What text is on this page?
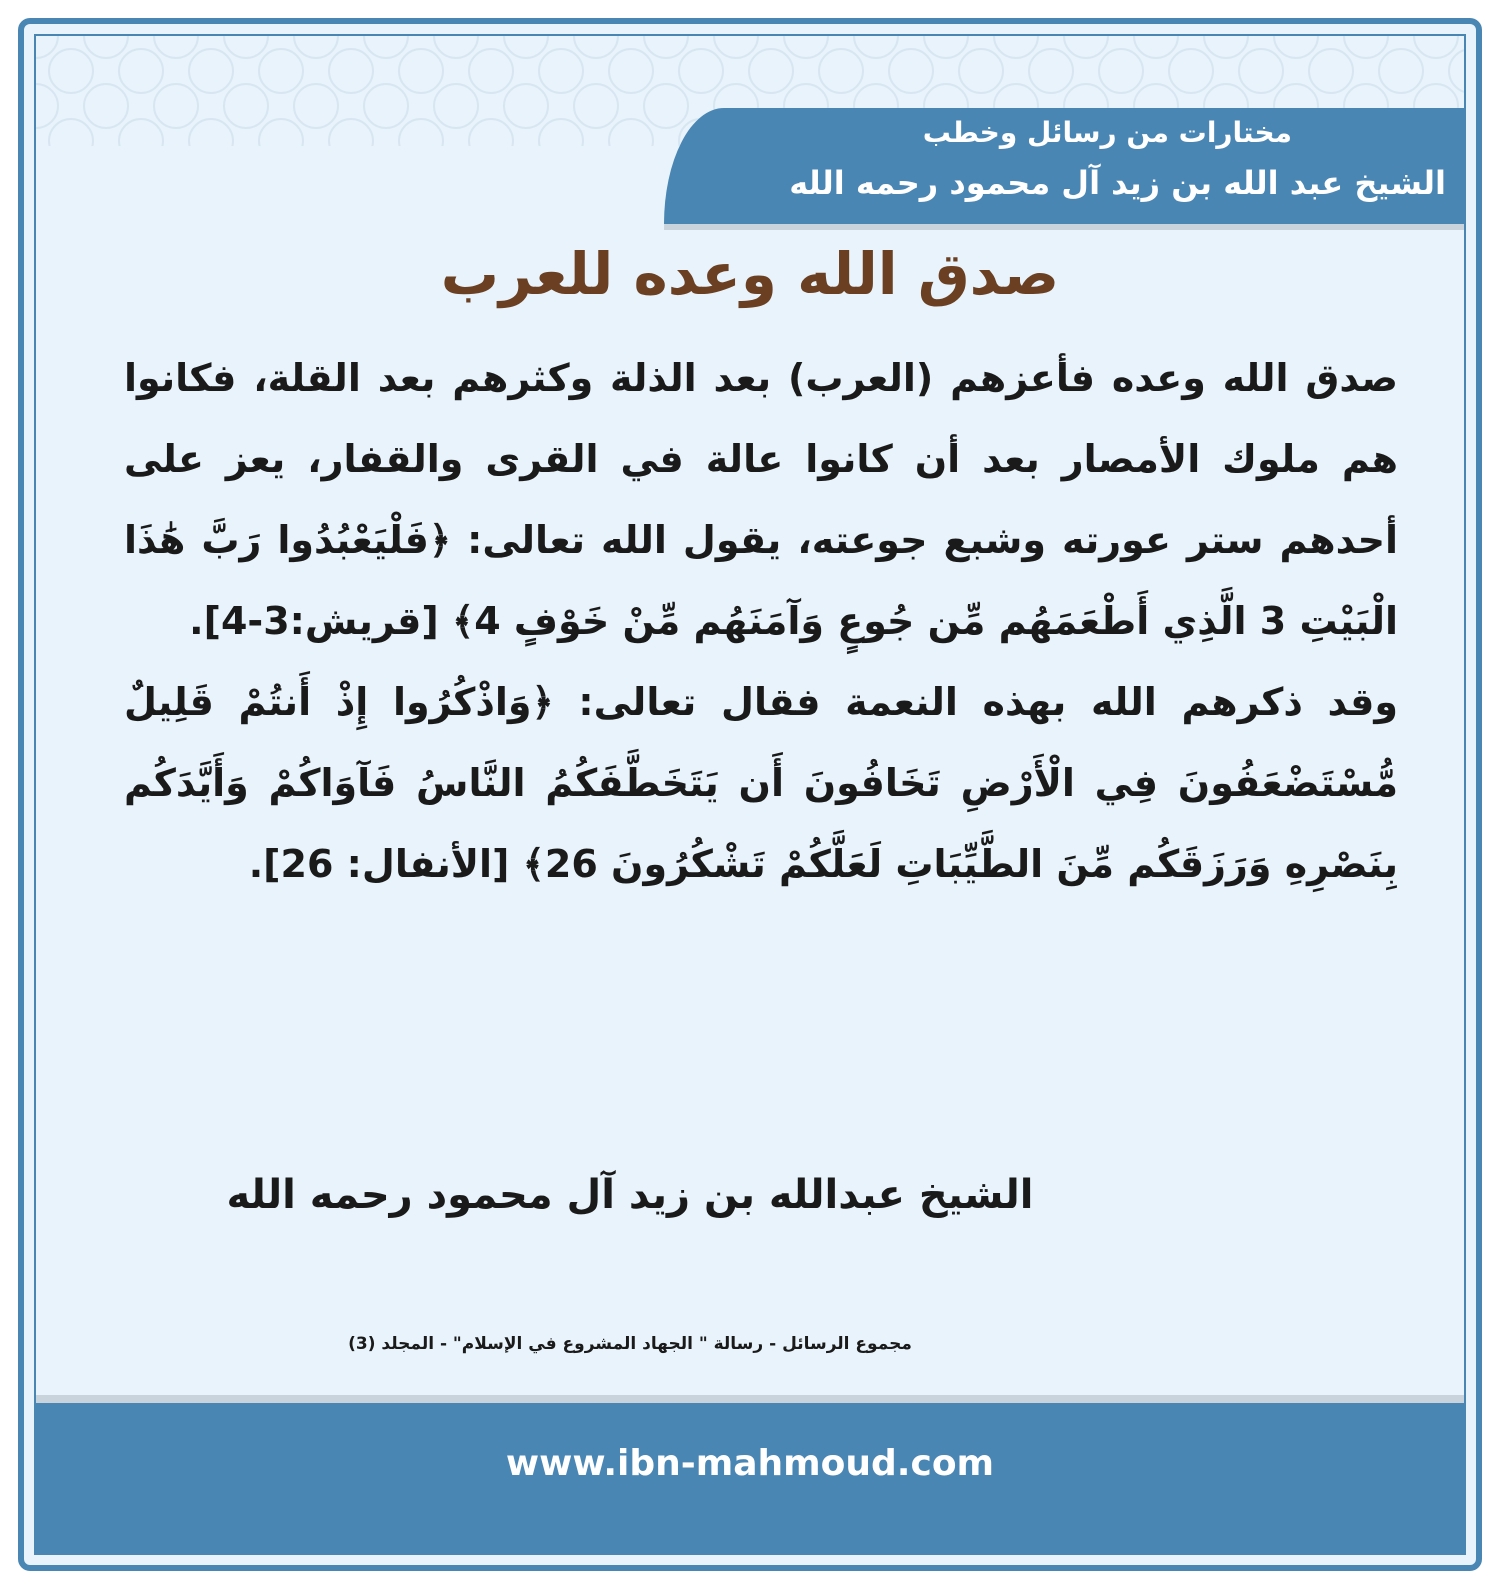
مختارات من رسائل وخطب

الشيخ عبد الله بن زيد آل محمود رحمه الله

صدق الله وعده للعرب

صدق الله وعده فأعزهم (العرب) بعد الذلة وكثرهم بعد القلة، فكانوا هم ملوك الأمصار بعد أن كانوا عالة في القرى والقفار، يعز على أحدهم ستر عورته وشبع جوعته، يقول الله تعالى: ﴿فَلْيَعْبُدُوا رَبَّ هَٰذَا الْبَيْتِ 3 الَّذِي أَطْعَمَهُم مِّن جُوعٍ وَآمَنَهُم مِّنْ خَوْفٍ 4﴾ [قريش:3-4].

وقد ذكرهم الله بهذه النعمة فقال تعالى: ﴿وَاذْكُرُوا إِذْ أَنتُمْ قَلِيلٌ مُّسْتَضْعَفُونَ فِي الْأَرْضِ تَخَافُونَ أَن يَتَخَطَّفَكُمُ النَّاسُ فَآوَاكُمْ وَأَيَّدَكُم بِنَصْرِهِ وَرَزَقَكُم مِّنَ الطَّيِّبَاتِ لَعَلَّكُمْ تَشْكُرُونَ 26﴾ [الأنفال: 26].

الشيخ عبدالله بن زيد آل محمود رحمه الله

مجموع الرسائل - رسالة " الجهاد المشروع في الإسلام" - المجلد (3)

www.ibn-mahmoud.com
